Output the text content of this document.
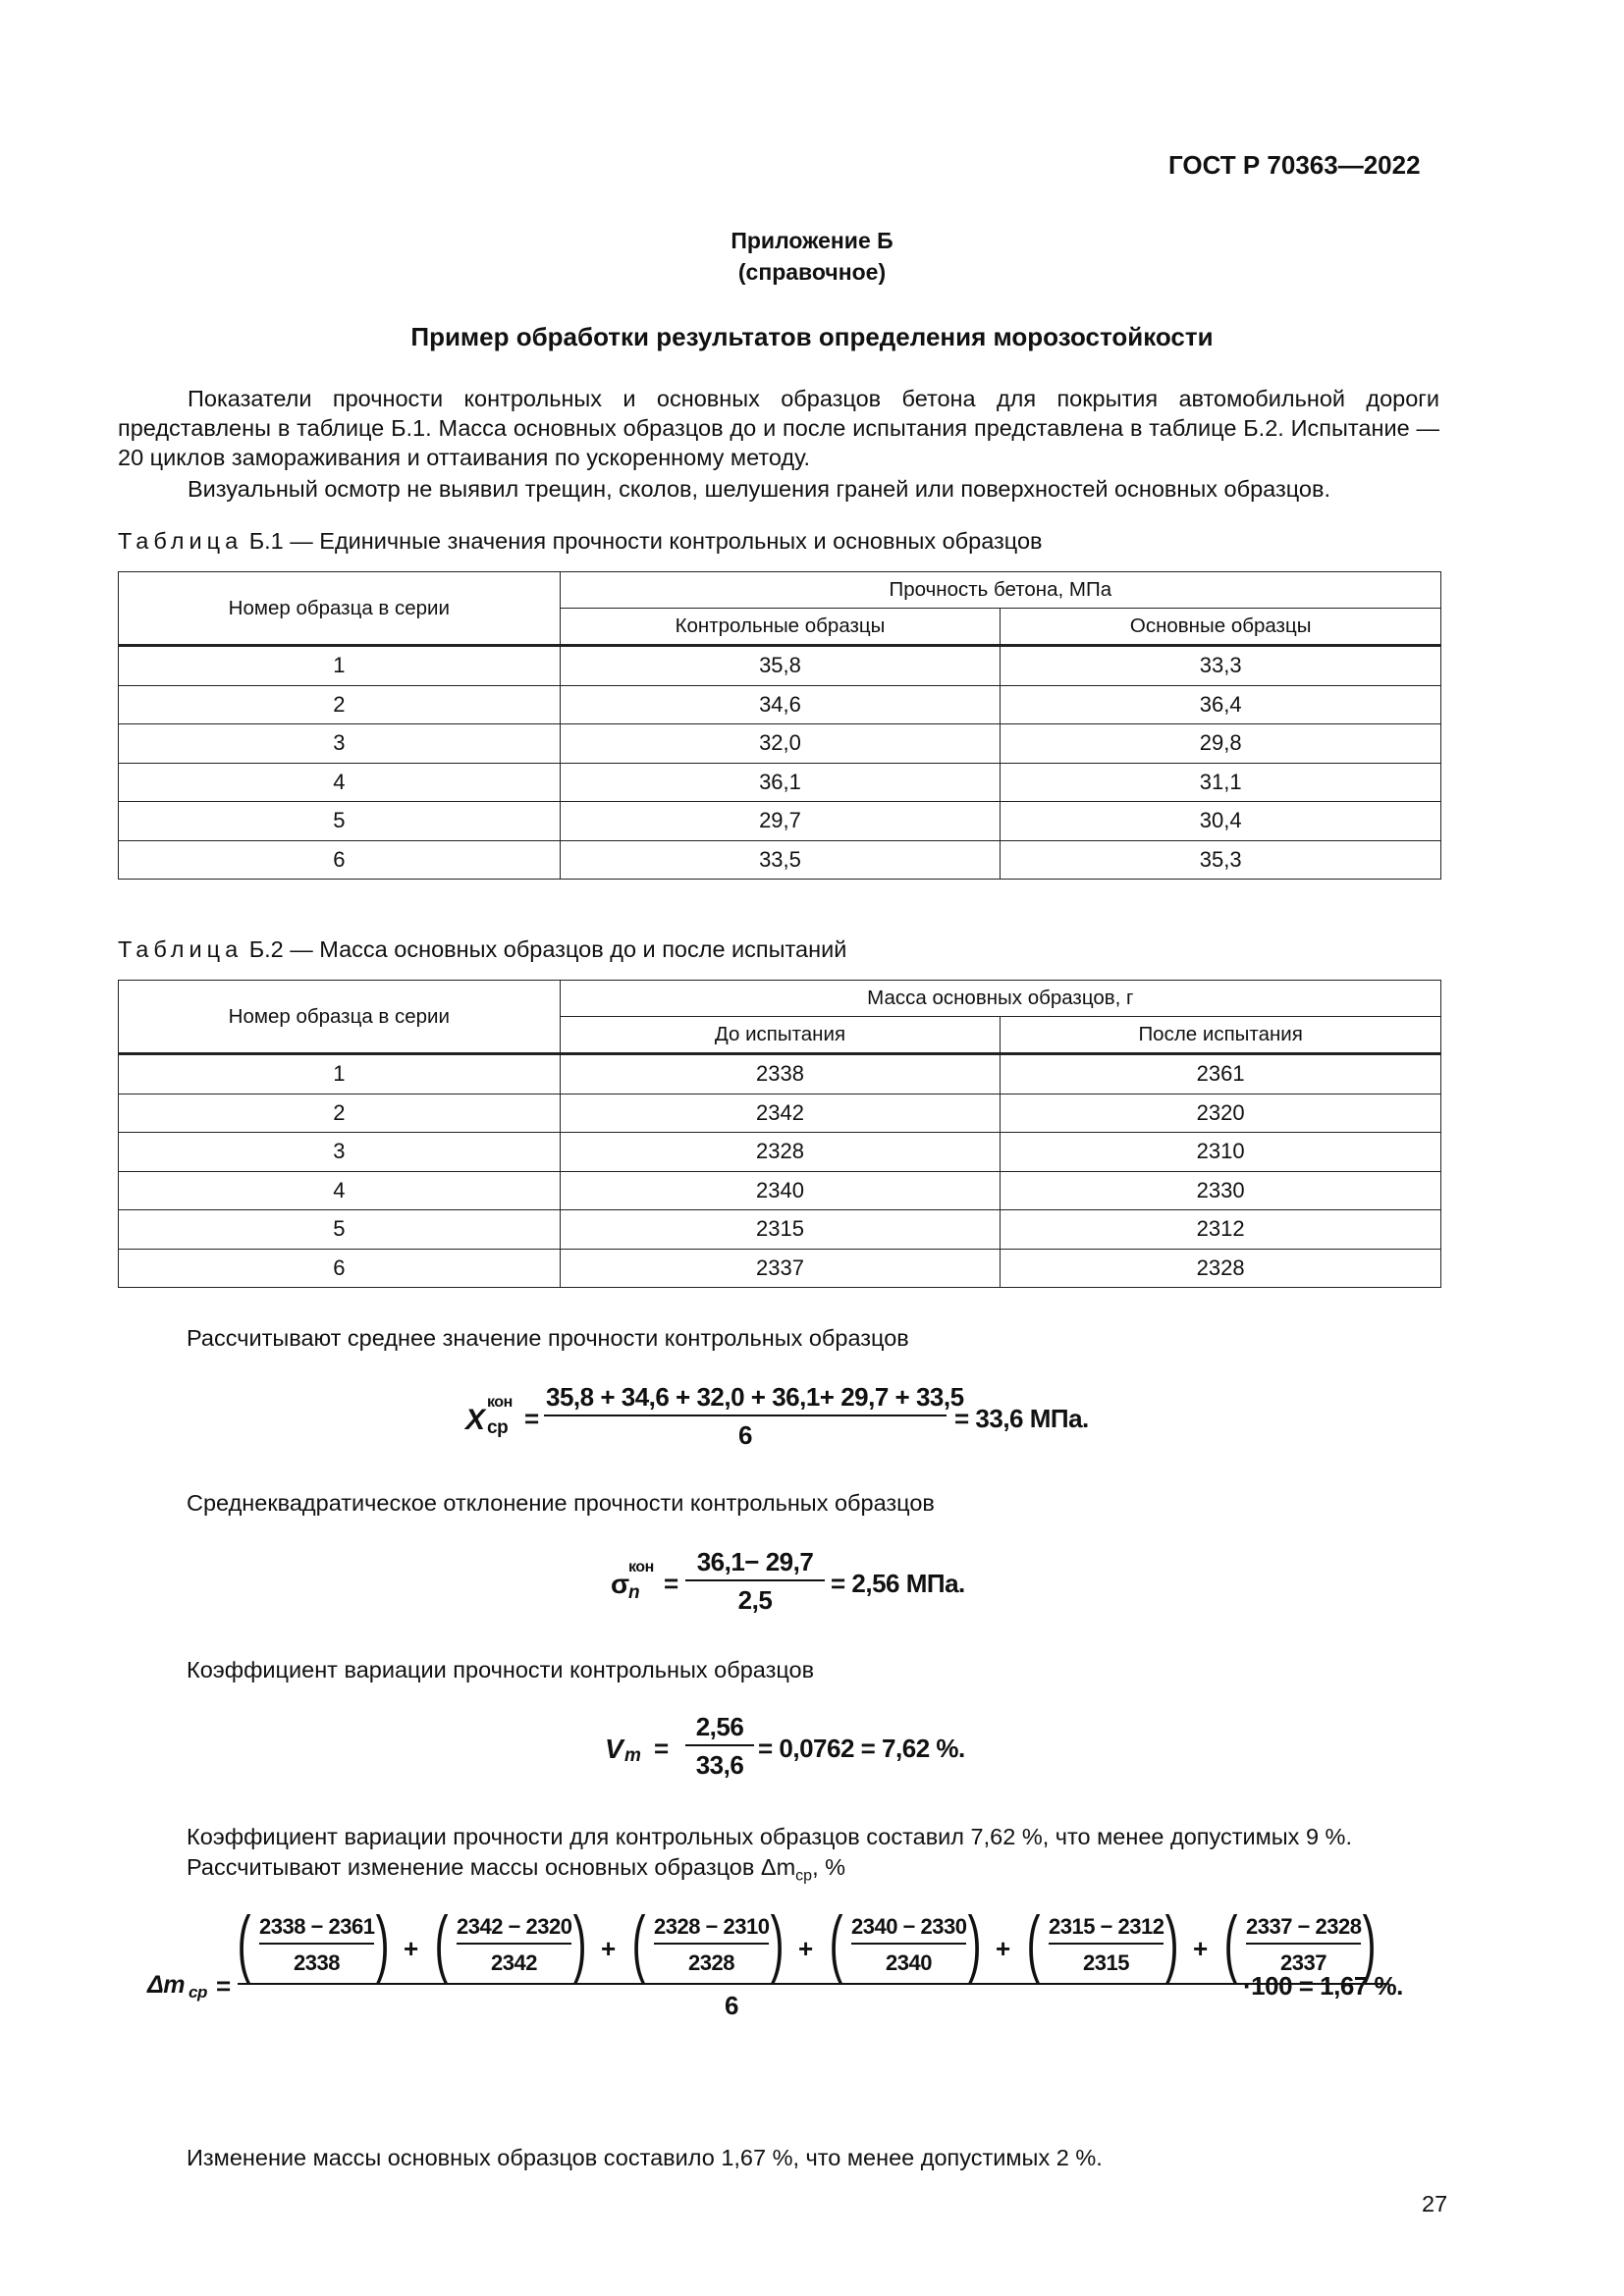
ГОСТ Р 70363—2022
Приложение Б
(справочное)
Пример обработки результатов определения морозостойкости
Показатели прочности контрольных и основных образцов бетона для покрытия автомобильной дороги представлены в таблице Б.1. Масса основных образцов до и после испытания представлена в таблице Б.2. Испытание — 20 циклов замораживания и оттаивания по ускоренному методу.
Визуальный осмотр не выявил трещин, сколов, шелушения граней или поверхностей основных образцов.
Таблица Б.1 — Единичные значения прочности контрольных и основных образцов
Номер образца в серии	Прочность бетона, МПа	
	Контрольные образцы	Основные образцы
1	35,8	33,3
2	34,6	36,4
3	32,0	29,8
4	36,1	31,1
5	29,7	30,4
6	33,5	35,3
Таблица Б.2 — Масса основных образцов до и после испытаний
Номер образца в серии	Масса основных образцов, г	
	До испытания	После испытания
1	2338	2361
2	2342	2320
3	2328	2310
4	2340	2330
5	2315	2312
6	2337	2328
Рассчитывают среднее значение прочности контрольных образцов
X
кон
ср = $\frac{35,8 + 34,6 + 32,0 + 36,1+ 29,7 + 33,5}{6} = 33,6$ МПа.
Среднеквадратическое отклонение прочности контрольных образцов
σ
кон
$n = \frac{36,1- 29,7}{2,5} = 2,56$ МПа.
Коэффициент вариации прочности контрольных образцов
V $m = \frac{2,56}{33,6} = 0,0762 = 7,62$ %.
Коэффициент вариации прочности для контрольных образцов составил 7,62 %, что менее допустимых 9 %.
Рассчитывают изменение массы основных образцов $\Delta m_{ср}$, %
Δm ср =
( $\frac{2338 - 2361}{2338}$ ) + ( $\frac{2342 - 2320}{2342}$ ) + ( $\frac{2328 - 2310}{2328}$ ) + ( $\frac{2340 - 2330}{2340}$ ) + ( $\frac{2315 - 2312}{2315}$ ) + ( $\frac{2337 - 2328}{2337}$ )
6
·100 = 1,67 %.
Изменение массы основных образцов составило 1,67 %, что менее допустимых 2 %.
27
